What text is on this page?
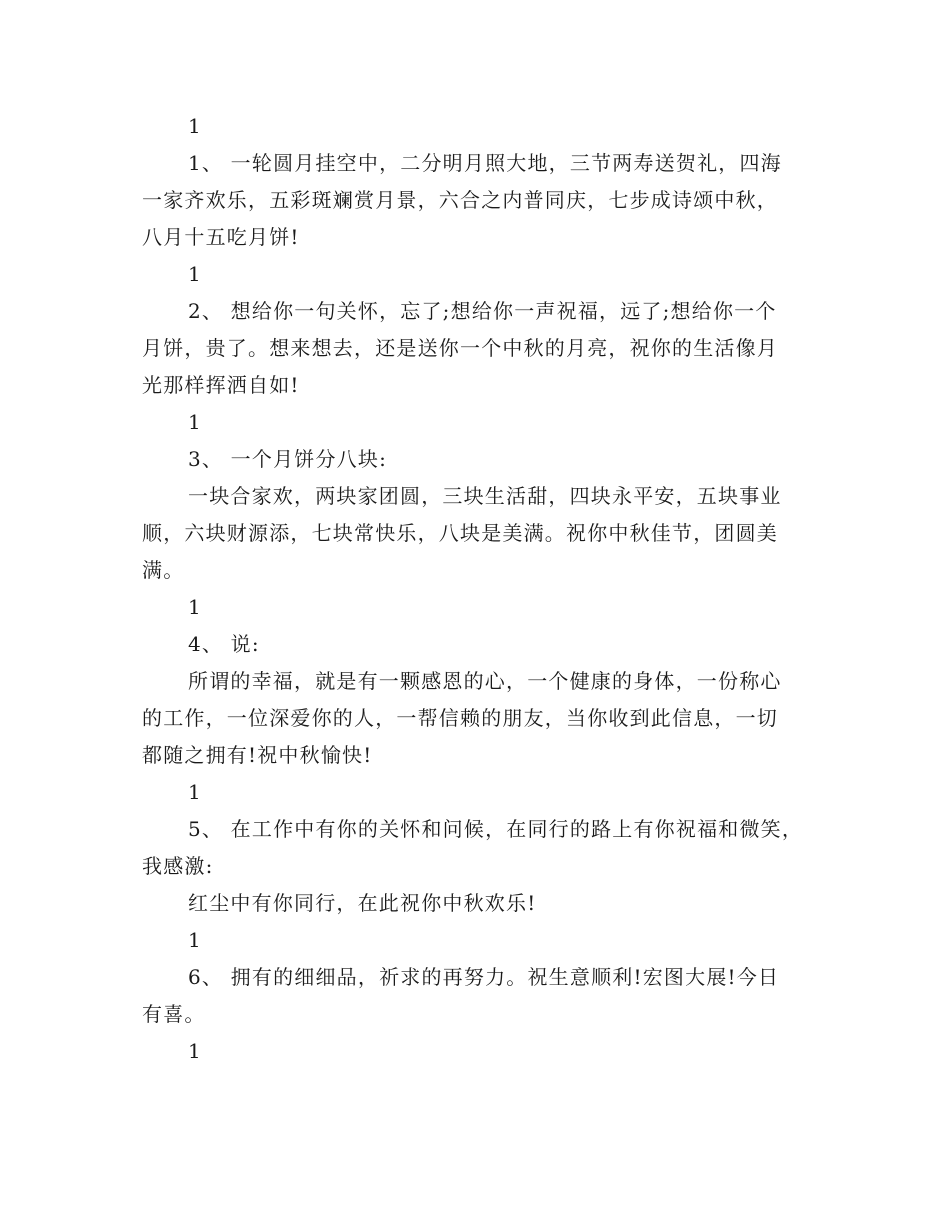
1
1、 一轮圆月挂空中，二分明月照大地，三节两寿送贺礼，四海
一家齐欢乐，五彩斑斓赏月景，六合之内普同庆，七步成诗颂中秋，
八月十五吃月饼!
1
2、 想给你一句关怀，忘了;想给你一声祝福，远了;想给你一个
月饼，贵了。想来想去，还是送你一个中秋的月亮，祝你的生活像月
光那样挥洒自如!
1
3、 一个月饼分八块:
一块合家欢，两块家团圆，三块生活甜，四块永平安，五块事业
顺，六块财源添，七块常快乐，八块是美满。祝你中秋佳节，团圆美
满。
1
4、 说:
所谓的幸福，就是有一颗感恩的心，一个健康的身体，一份称心
的工作，一位深爱你的人，一帮信赖的朋友，当你收到此信息，一切
都随之拥有!祝中秋愉快!
1
5、 在工作中有你的关怀和问候，在同行的路上有你祝福和微笑，
我感激:
红尘中有你同行，在此祝你中秋欢乐!
1
6、 拥有的细细品，祈求的再努力。祝生意顺利!宏图大展!今日
有喜。
1
